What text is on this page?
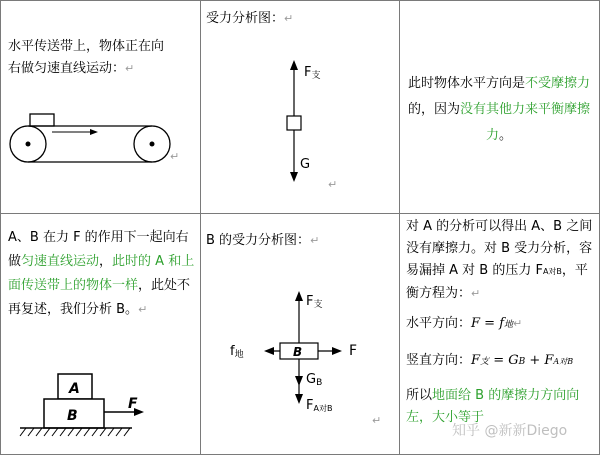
水平传送带上，物体正在向

右做匀速直线运动：↵

↵

受力分析图：↵

F支
G
↵

此时物体水平方向是不受摩擦力的，因为没有其他力来平衡摩擦力。

A、B 在力 F 的作用下一起向右做匀速直线运动，此时的 A 和上面传送带上的物体一样，此处不再复述，我们分析 B。↵

A
B
F

B 的受力分析图：↵

B
F支
f地	F
GB
FA对B
↵

对 A 的分析可以得出 A、B 之间没有摩擦力。对 B 受力分析，容易漏掉 A 对 B 的压力 FA对B，平衡方程为：↵

水平方向：F = f地↵

竖直方向：F支 = GB + FA对B

所以地面给 B 的摩擦力方向向左，大小等于

知乎 @新新Diego
